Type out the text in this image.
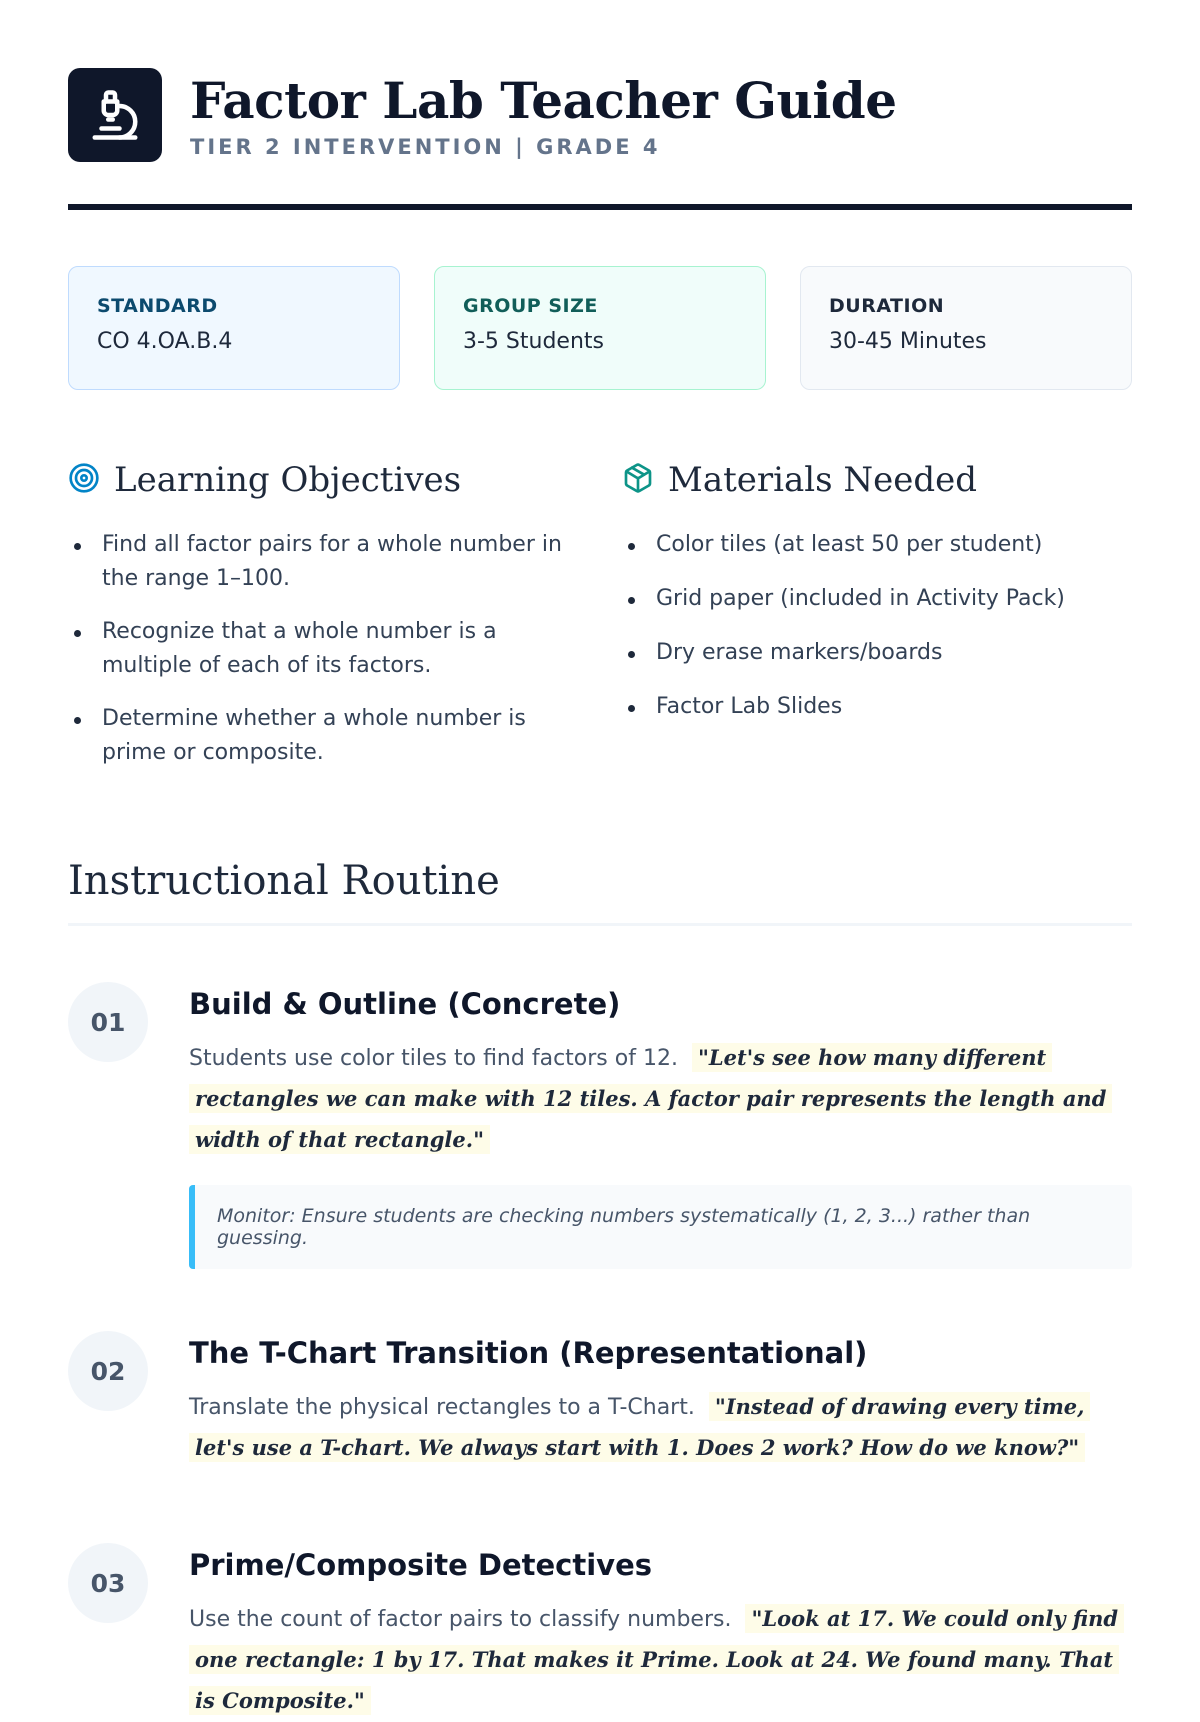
Factor Lab Teacher Guide
TIER 2 INTERVENTION | GRADE 4
STANDARD
CO 4.OA.B.4
GROUP SIZE
3-5 Students
DURATION
30-45 Minutes
Learning Objectives
Find all factor pairs for a whole number in the range 1–100.
Recognize that a whole number is a multiple of each of its factors.
Determine whether a whole number is prime or composite.
Materials Needed
Color tiles (at least 50 per student)
Grid paper (included in Activity Pack)
Dry erase markers/boards
Factor Lab Slides
Instructional Routine
01
Build & Outline (Concrete)
Students use color tiles to find factors of 12. "Let's see how many different rectangles we can make with 12 tiles. A factor pair represents the length and width of that rectangle."
Monitor: Ensure students are checking numbers systematically (1, 2, 3...) rather than guessing.
02
The T-Chart Transition (Representational)
Translate the physical rectangles to a T-Chart. "Instead of drawing every time, let's use a T-chart. We always start with 1. Does 2 work? How do we know?"
03
Prime/Composite Detectives
Use the count of factor pairs to classify numbers. "Look at 17. We could only find one rectangle: 1 by 17. That makes it Prime. Look at 24. We found many. That is Composite."
